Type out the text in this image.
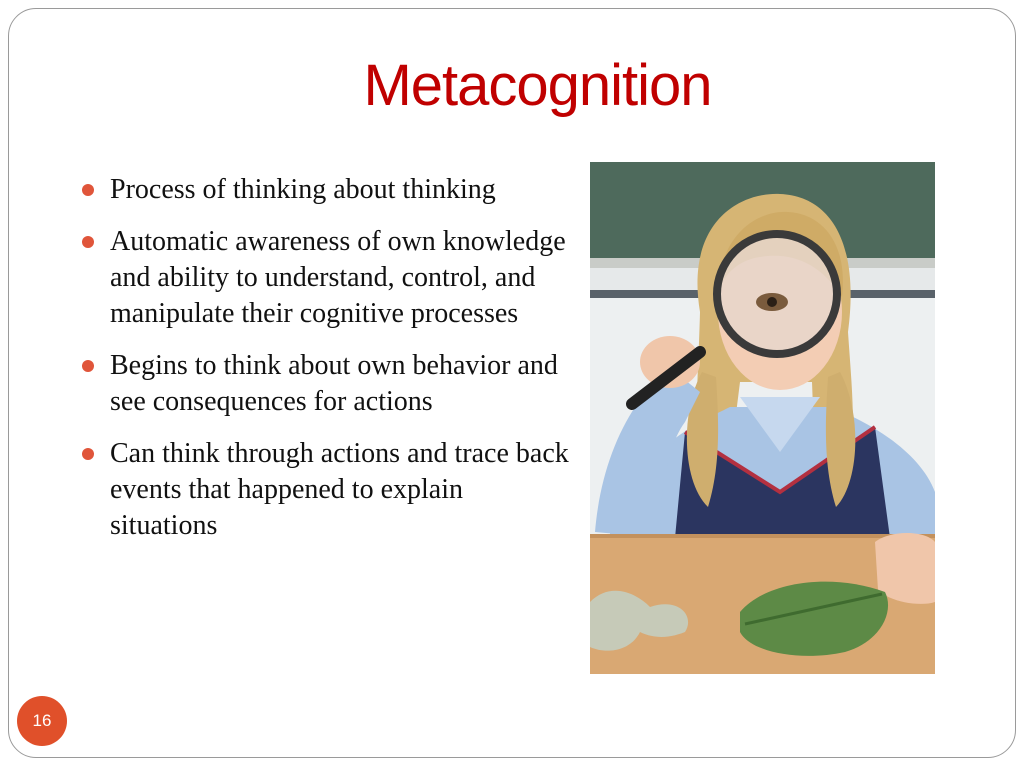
Metacognition
Process of thinking about thinking
Automatic awareness of own knowledge and ability to understand, control, and manipulate their cognitive processes
Begins to think about own behavior and see consequences for actions
Can think through actions and trace back events that happened to explain situations
16
